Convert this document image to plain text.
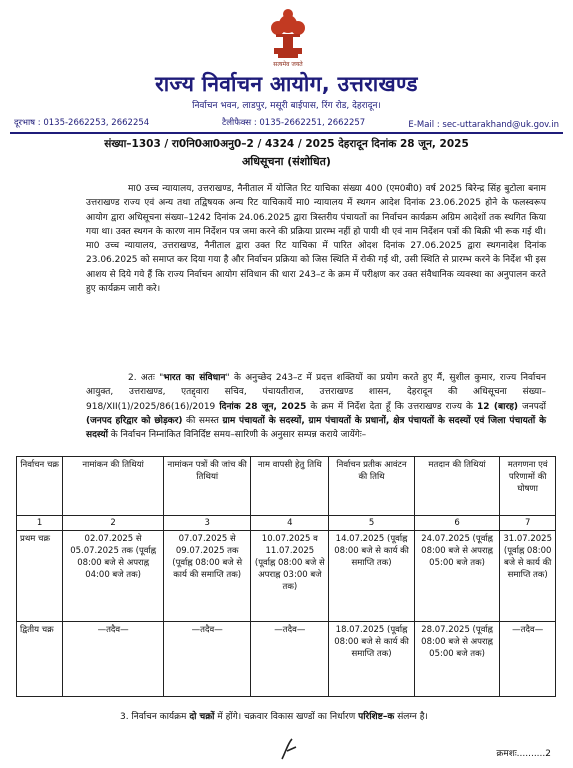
सत्यमेव जयते
राज्य निर्वाचन आयोग, उत्तराखण्ड
निर्वाचन भवन, लाडपुर, मसूरी बाईपास, रिंग रोड, देहरादून।
दूरभाष : 0135-2662253, 2662254	टैलीफैक्स : 0135-2662251, 2662257	E-Mail : sec-uttarakhand@uk.gov.in
संख्या–1303 / रा0नि0आ0अनु0–2 / 4324 / 2025 देहरादून दिनांक 28 जून, 2025
अधिसूचना (संशोधित)
मा0 उच्च न्यायालय, उत्तराखण्ड, नैनीताल में योजित रिट याचिका संख्या 400 (एम0बी0) वर्ष 2025 बिरेन्द्र सिंह बुटोला बनाम उत्तराखण्ड राज्य एवं अन्य तथा तद्विषयक अन्य रिट याचिकायें मा0 न्यायालय में स्थगन आदेश दिनांक 23.06.2025 होने के फलस्वरूप आयोग द्वारा अधिसूचना संख्या–1242 दिनांक 24.06.2025 द्वारा त्रिस्तरीय पंचायतों का निर्वाचन कार्यक्रम अग्रिम आदेशों तक स्थगित किया गया था। उक्त स्थगन के कारण नाम निर्देशन पत्र जमा करने की प्रक्रिया प्रारम्भ नहीं हो पायी थी एवं नाम निर्देशन पत्रों की बिक्री भी रूक गई थी। मा0 उच्च न्यायालय, उत्तराखण्ड, नैनीताल द्वारा उक्त रिट याचिका में पारित ओदश दिनांक 27.06.2025 द्वारा स्थगनादेश दिनांक 23.06.2025 को समाप्त कर दिया गया है और निर्वाचन प्रक्रिया को जिस स्थिति में रोकी गई थी, उसी स्थिति से प्रारम्भ करने के निर्देश भी इस आशय से दिये गये हैं कि राज्य निर्वाचन आयोग संविधान की धारा 243–ट के क्रम में परीक्षण कर उक्त संवैधानिक व्यवस्था का अनुपालन करते हुए कार्यक्रम जारी करे।
2. अतः "भारत का संविधान" के अनुच्छेद 243–ट में प्रदत्त शक्तियों का प्रयोग करते हुए मैं, सुशील कुमार, राज्य निर्वाचन आयुक्त, उत्तराखण्ड, एतद्द्वारा सचिव, पंचायतीराज, उत्तराखण्ड शासन, देहरादून की अधिसूचना संख्या–918/XII(1)/2025/86(16)/2019 दिनांक 28 जून, 2025 के क्रम में निर्देश देता हूँ कि उत्तराखण्ड राज्य के 12 (बारह) जनपदों (जनपद हरिद्वार को छोड़कर) की समस्त ग्राम पंचायतों के सदस्यों, ग्राम पंचायतों के प्रधानों, क्षेत्र पंचायतों के सदस्यों एवं जिला पंचायतों के सदस्यों के निर्वाचन निम्नांकित विनिर्दिष्ट समय–सारिणी के अनुसार सम्पन्न कराये जायेंगेः–
निर्वाचन चक्र	नामांकन की तिथियां	नामांकन पत्रों की जांच की तिथियां	नाम वापसी हेतु तिथि	निर्वाचन प्रतीक आवंटन की तिथि	मतदान की तिथियां	मतगणना एवं परिणामों की घोषणा
1	2	3	4	5	6	7
प्रथम चक्र	02.07.2025 से 05.07.2025 तक (पूर्वाह्न 08:00 बजे से अपराह्न 04:00 बजे तक)	07.07.2025 से 09.07.2025 तक (पूर्वाह्न 08:00 बजे से कार्य की समाप्ति तक)	10.07.2025 व 11.07.2025 (पूर्वाह्न 08:00 बजे से अपराह्न 03:00 बजे तक)	14.07.2025 (पूर्वाह्न 08:00 बजे से कार्य की समाप्ति तक)	24.07.2025 (पूर्वाह्न 08:00 बजे से अपराह्न 05:00 बजे तक)	31.07.2025 (पूर्वाह्न 08:00 बजे से कार्य की समाप्ति तक)
द्वितीय चक्र	—तदैव—	—तदैव—	—तदैव—	18.07.2025 (पूर्वाह्न 08:00 बजे से कार्य की समाप्ति तक)	28.07.2025 (पूर्वाह्न 08:00 बजे से अपराह्न 05:00 बजे तक)	—तदैव—
3. निर्वाचन कार्यक्रम दो चक्रों में होंगे। चक्रवार विकास खण्डों का निर्धारण परिशिष्ट–क संलग्न है।
क्रमशः..........2
